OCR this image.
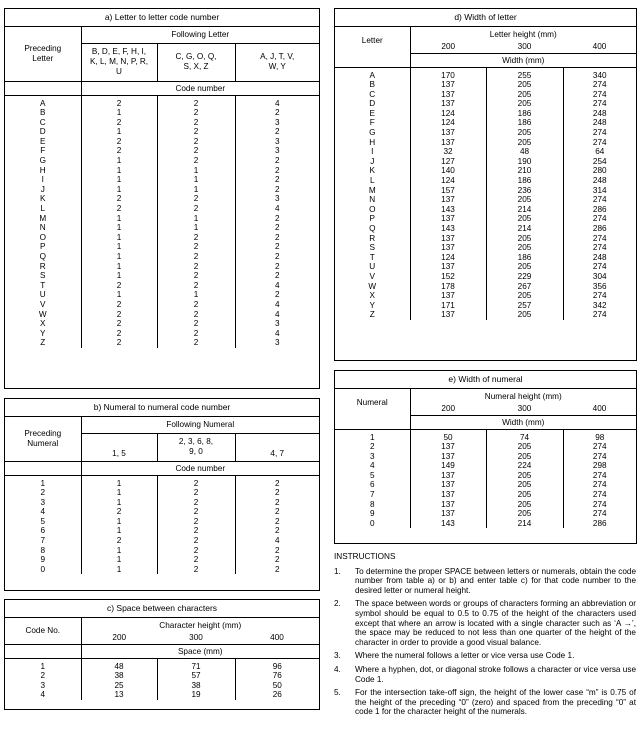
a) Letter to letter code number
Preceding Letter	Following Letter		
	B, D, E, F, H, I, K, L, M, N, P, R, U	C, G, O, Q, S, X, Z	A, J, T, V, W, Y
	Code number		
A	2	2	4
B	1	2	2
C	2	2	3
D	1	2	2
E	2	2	3
F	2	2	3
G	1	2	2
H	1	1	2
I	1	1	2
J	1	1	2
K	2	2	3
L	2	2	4
M	1	1	2
N	1	1	2
O	1	2	2
P	1	2	2
Q	1	2	2
R	1	2	2
S	1	2	2
T	2	2	4
U	1	1	2
V	2	2	4
W	2	2	4
X	2	2	3
Y	2	2	4
Z	2	2	3
b) Numeral to numeral code number
Preceding Numeral	Following Numeral		
	1, 5	2, 3, 6, 8, 9, 0	4, 7
	Code number		
1	1	2	2
2	1	2	2
3	1	2	2
4	2	2	2
5	1	2	2
6	1	2	2
7	2	2	4
8	1	2	2
9	1	2	2
0	1	2	2
c) Space between characters
Code No.	Character height (mm)		
	200	300	400
	Space (mm)		
1	48	71	96
2	38	57	76
3	25	38	50
4	13	19	26
d) Width of letter
Letter	Letter height (mm)		
	200	300	400
	Width (mm)		
A	170	255	340
B	137	205	274
C	137	205	274
D	137	205	274
E	124	186	248
F	124	186	248
G	137	205	274
H	137	205	274
I	32	48	64
J	127	190	254
K	140	210	280
L	124	186	248
M	157	236	314
N	137	205	274
O	143	214	286
P	137	205	274
Q	143	214	286
R	137	205	274
S	137	205	274
T	124	186	248
U	137	205	274
V	152	229	304
W	178	267	356
X	137	205	274
Y	171	257	342
Z	137	205	274
e) Width of numeral
Numeral	Numeral height (mm)		
	200	300	400
	Width (mm)		
1	50	74	98
2	137	205	274
3	137	205	274
4	149	224	298
5	137	205	274
6	137	205	274
7	137	205	274
8	137	205	274
9	137	205	274
0	143	214	286
INSTRUCTIONS
1.	To determine the proper SPACE between letters or numerals, obtain the code number from table a) or b) and enter table c) for that code number to the desired letter or numeral height.
2.	The space between words or groups of characters forming an abbreviation or symbol should be equal to 0.5 to 0.75 of the height of the characters used except that where an arrow is located with a single character such as ‘A →’, the space may be reduced to not less than one quarter of the height of the character in order to provide a good visual balance.
3.	Where the numeral follows a letter or vice versa use Code 1.
4.	Where a hyphen, dot, or diagonal stroke follows a character or vice versa use Code 1.
5.	For the intersection take-off sign, the height of the lower case “m” is 0.75 of the height of the preceding “0” (zero) and spaced from the preceding “0” at code 1 for the character height of the numerals.
